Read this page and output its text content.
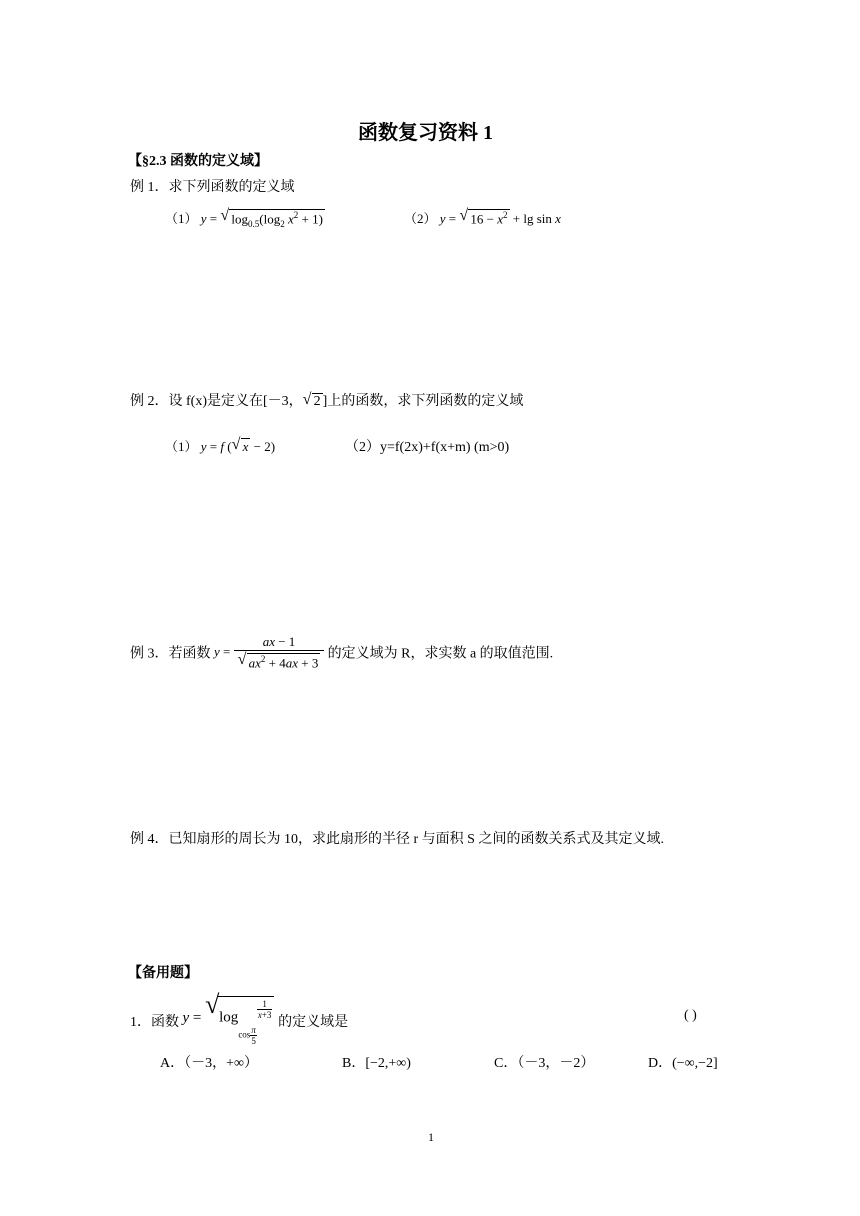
函数复习资料 1
【§2.3 函数的定义域】
例 1．求下列函数的定义域
（1） y = √ $\log_{0.5}(\log_2$ $x^2 + 1$)	（2） y = √ $16 - x^2 + \lg \sin x$
例 2．设 f(x)是定义在[－3， √ 2 ]上的函数，求下列函数的定义域
（1） y = f ( √ x − 2)	（2）y=f(2x)+f(x+m) (m>0)
例 3．若函数 $y = \frac{ax - 1}{√ ax^2 + 4ax + 3}$ 的定义域为 R，求实数 a 的取值范围.
例 4．已知扇形的周长为 10，求此扇形的半径 r 与面积 S 之间的函数关系式及其定义域.
【备用题】
1．函数 y = √ logcos $\frac{\pi}{5}$
$\frac{1}{x+3}$
的定义域是	( )
A．（－3，+∞）	B．[−2,+∞)	C．（－3，－2）	D．(−∞,−2]
1
